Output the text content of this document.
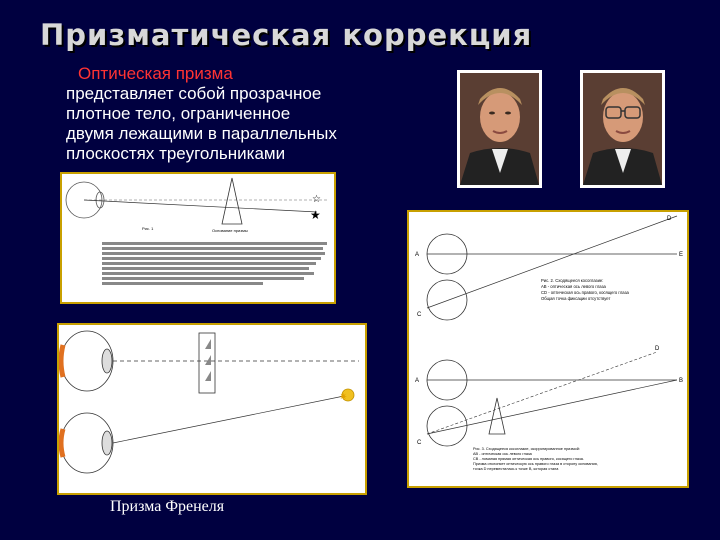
Призматическая коррекция
Оптическая призма
представляет собой прозрачное
плотное тело, ограниченное
двумя лежащими в параллельных
плоскостях треугольниками
☆
★
Рис. 1	Основание призмы
✷
A	E
C
D
Рис. 2. Сходящееся косоглазие:
AB - оптическая ось левого глаза
CD - оптическая ось правого, косящего глаза
Общая точка фиксации отсутствует
A	B
C
D
Рис. 3. Сходящееся косоглазие, скорригированное призмой:
AB - оптическая ось левого глаза
CB - ломаная прямая оптическая ось правого, косящего глаза.
Призма отклоняет оптическую ось правого глаза в сторону основания,
точка D переместилась к точке В, которая стала
Призма Френеля
